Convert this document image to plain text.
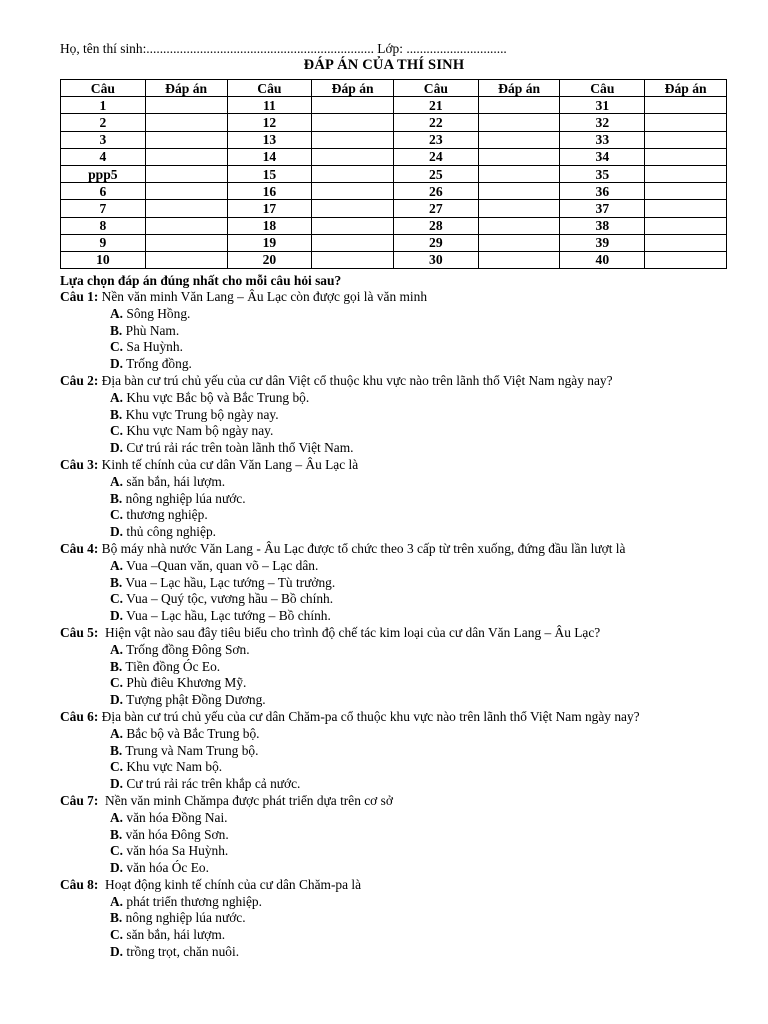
Họ, tên thí sinh:.................................................................... Lớp: ..............................
ĐÁP ÁN CỦA THÍ SINH
Câu	Đáp án	Câu	Đáp án	Câu	Đáp án	Câu	Đáp án
1		11		21		31	
2		12		22		32	
3		13		23		33	
4		14		24		34	
ppp5		15		25		35	
6		16		26		36	
7		17		27		37	
8		18		28		38	
9		19		29		39	
10		20		30		40	
Lựa chọn đáp án đúng nhất cho mỗi câu hỏi sau?
Câu 1: Nền văn minh Văn Lang – Âu Lạc còn được gọi là văn minh
A. Sông Hồng.
B. Phù Nam.
C. Sa Huỳnh.
D. Trống đồng.
Câu 2: Địa bàn cư trú chủ yếu của cư dân Việt cổ thuộc khu vực nào trên lãnh thổ Việt Nam ngày nay?
A. Khu vực Bắc bộ và Bắc Trung bộ.
B. Khu vực Trung bộ ngày nay.
C. Khu vực Nam bộ ngày nay.
D. Cư trú rải rác trên toàn lãnh thổ Việt Nam.
Câu 3: Kinh tế chính của cư dân Văn Lang – Âu Lạc là
A. săn bắn, hái lượm.
B. nông nghiệp lúa nước.
C. thương nghiệp.
D. thủ công nghiệp.
Câu 4: Bộ máy nhà nước Văn Lang - Âu Lạc được tổ chức theo 3 cấp từ trên xuống, đứng đầu lần lượt là
A. Vua –Quan văn, quan võ – Lạc dân.
B. Vua – Lạc hầu, Lạc tướng – Tù trưởng.
C. Vua – Quý tộc, vương hầu – Bồ chính.
D. Vua – Lạc hầu, Lạc tướng – Bồ chính.
Câu 5:  Hiện vật nào sau đây tiêu biểu cho trình độ chế tác kim loại của cư dân Văn Lang – Âu Lạc?
A. Trống đồng Đông Sơn.
B. Tiền đồng Óc Eo.
C. Phù điêu Khương Mỹ.
D. Tượng phật Đồng Dương.
Câu 6: Địa bàn cư trú chủ yếu của cư dân Chăm-pa cổ thuộc khu vực nào trên lãnh thổ Việt Nam ngày nay?
A. Bắc bộ và Bắc Trung bộ.
B. Trung và Nam Trung bộ.
C. Khu vực Nam bộ.
D. Cư trú rải rác trên khắp cả nước.
Câu 7:  Nền văn minh Chămpa được phát triển dựa trên cơ sở
A. văn hóa Đồng Nai.
B. văn hóa Đông Sơn.
C. văn hóa Sa Huỳnh.
D. văn hóa Óc Eo.
Câu 8:  Hoạt động kinh tế chính của cư dân Chăm-pa là
A. phát triển thương nghiệp.
B. nông nghiệp lúa nước.
C. săn bắn, hái lượm.
D. trồng trọt, chăn nuôi.
